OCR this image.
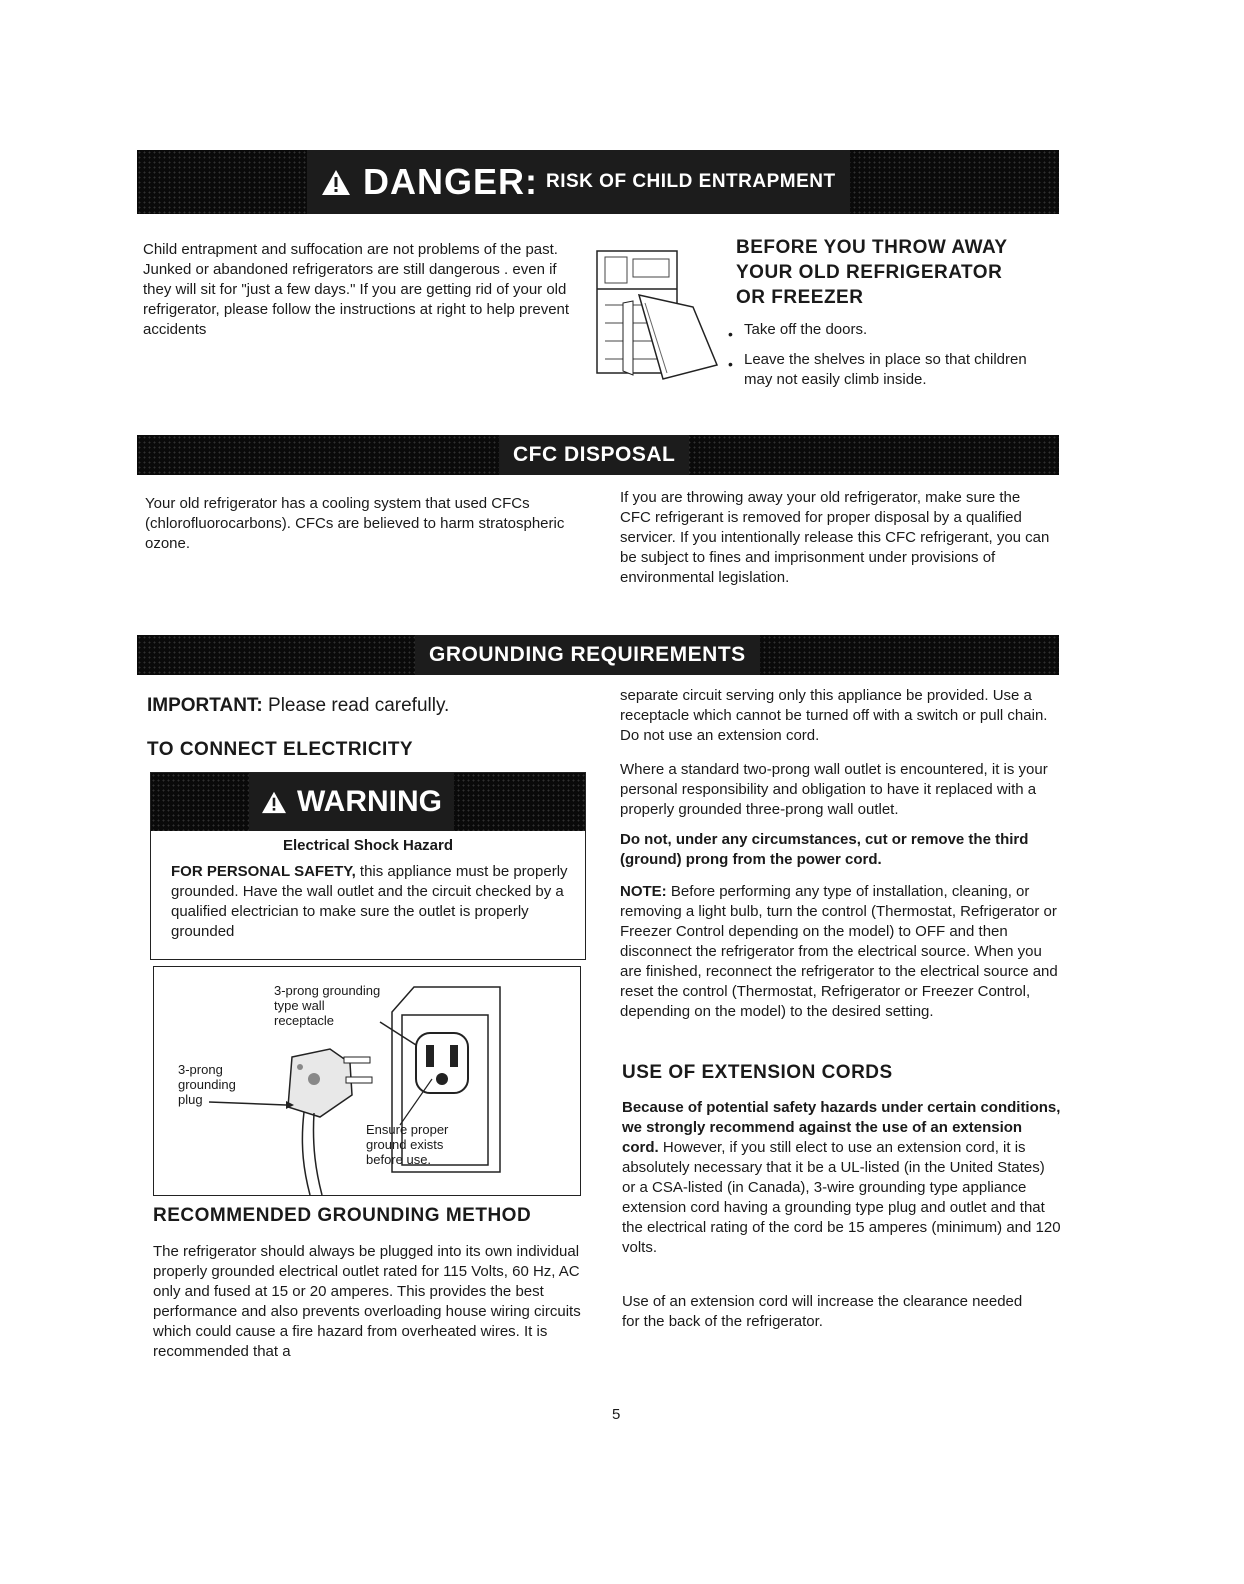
DANGER: RISK OF CHILD ENTRAPMENT

Child entrapment and suffocation are not problems of the past. Junked or abandoned refrigerators are still dangerous . even if they will sit for "just a few days." If you are getting rid of your old refrigerator, please follow the instructions at right to help prevent accidents

BEFORE YOU THROW AWAY
YOUR OLD REFRIGERATOR
OR FREEZER
• Take off the doors.
• Leave the shelves in place so that children may not easily climb inside.
CFC DISPOSAL

Your old refrigerator has a cooling system that used CFCs (chlorofluorocarbons). CFCs are believed to harm stratospheric ozone.

If you are throwing away your old refrigerator, make sure the CFC refrigerant is removed for proper disposal by a qualified servicer. If you intentionally release this CFC refrigerant, you can be subject to fines and imprisonment under provisions of environmental legislation.

GROUNDING REQUIREMENTS
IMPORTANT: Please read carefully.
TO CONNECT ELECTRICITY
WARNING
Electrical Shock Hazard

FOR PERSONAL SAFETY, this appliance must be properly grounded. Have the wall outlet and the circuit checked by a qualified electrician to make sure the outlet is properly grounded

3-prong grounding type wall receptacle
3-prong grounding plug
Ensure proper ground exists before use.
RECOMMENDED GROUNDING METHOD

The refrigerator should always be plugged into its own individual properly grounded electrical outlet rated for 115 Volts, 60 Hz, AC only and fused at 15 or 20 amperes. This provides the best performance and also prevents overloading house wiring circuits which could cause a fire hazard from overheated wires. It is recommended that a

separate circuit serving only this appliance be provided. Use a receptacle which cannot be turned off with a switch or pull chain. Do not use an extension cord.

Where a standard two-prong wall outlet is encountered, it is your personal responsibility and obligation to have it replaced with a properly grounded three-prong wall outlet.

Do not, under any circumstances, cut or remove the third (ground) prong from the power cord.

NOTE: Before performing any type of installation, cleaning, or removing a light bulb, turn the control (Thermostat, Refrigerator or Freezer Control depending on the model) to OFF and then disconnect the refrigerator from the electrical source. When you are finished, reconnect the refrigerator to the electrical source and reset the control (Thermostat, Refrigerator or Freezer Control, depending on the model) to the desired setting.

USE OF EXTENSION CORDS

Because of potential safety hazards under certain conditions, we strongly recommend against the use of an extension cord. However, if you still elect to use an extension cord, it is absolutely necessary that it be a UL-listed (in the United States) or a CSA-listed (in Canada), 3-wire grounding type appliance extension cord having a grounding type plug and outlet and that the electrical rating of the cord be 15 amperes (minimum) and 120 volts.

Use of an extension cord will increase the clearance needed for the back of the refrigerator.

5
